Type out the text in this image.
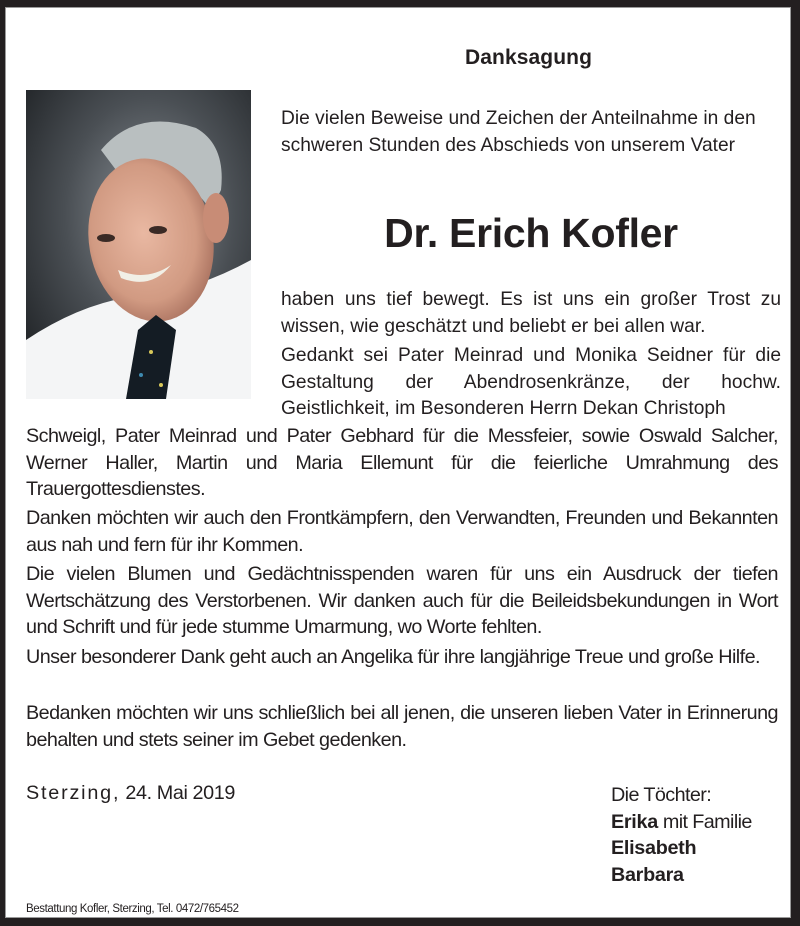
Danksagung
Die vielen Beweise und Zeichen der Anteilnahme in den schweren Stunden des Abschieds von unserem Vater
Dr. Erich Kofler
haben uns tief bewegt. Es ist uns ein großer Trost zu wissen, wie geschätzt und beliebt er bei allen war.
Gedankt sei Pater Meinrad und Monika Seidner für die Gestaltung der Abendrosenkränze, der hochw. Geistlichkeit, im Besonderen Herrn Dekan Christoph
Schweigl, Pater Meinrad und Pater Gebhard für die Messfeier, sowie Oswald Salcher, Werner Haller, Martin und Maria Ellemunt für die feierliche Umrahmung des Trauergottesdienstes.
Danken möchten wir auch den Frontkämpfern, den Verwandten, Freunden und Bekannten aus nah und fern für ihr Kommen.
Die vielen Blumen und Gedächtnisspenden waren für uns ein Ausdruck der tiefen Wertschätzung des Verstorbenen. Wir danken auch für die Beileidsbekundungen in Wort und Schrift und für jede stumme Umarmung, wo Worte fehlten.
Unser besonderer Dank geht auch an Angelika für ihre langjährige Treue und große Hilfe.
Bedanken möchten wir uns schließlich bei all jenen, die unseren lieben Vater in Erinnerung behalten und stets seiner im Gebet gedenken.
Sterzing, 24. Mai 2019	Die Töchter:
Erika mit Familie
Elisabeth
Barbara
Bestattung Kofler, Sterzing, Tel. 0472/765452
